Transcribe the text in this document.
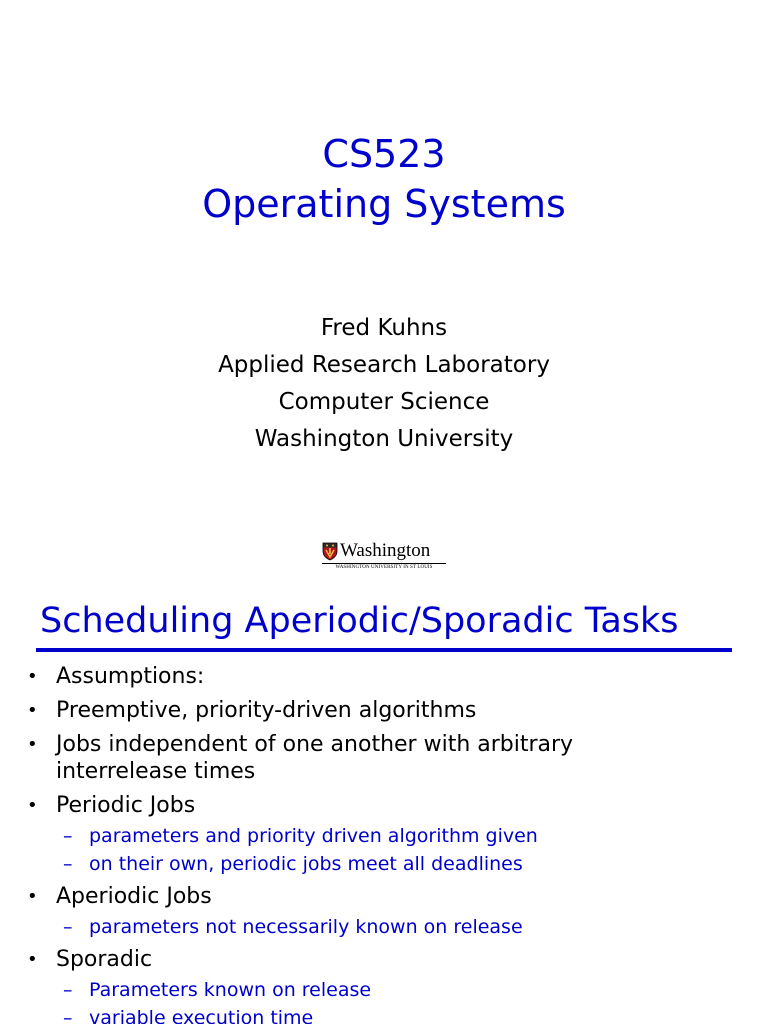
CS523
Operating Systems
Fred Kuhns
Applied Research Laboratory
Computer Science
Washington University
Washington
WASHINGTON UNIVERSITY IN ST LOUIS
Scheduling Aperiodic/Sporadic Tasks
• Assumptions:
• Preemptive, priority-driven algorithms
• Jobs independent of one another with arbitrary interrelease times
• Periodic Jobs
– parameters and priority driven algorithm given
– on their own, periodic jobs meet all deadlines
• Aperiodic Jobs
– parameters not necessarily known on release
• Sporadic
– Parameters known on release
– variable execution time
